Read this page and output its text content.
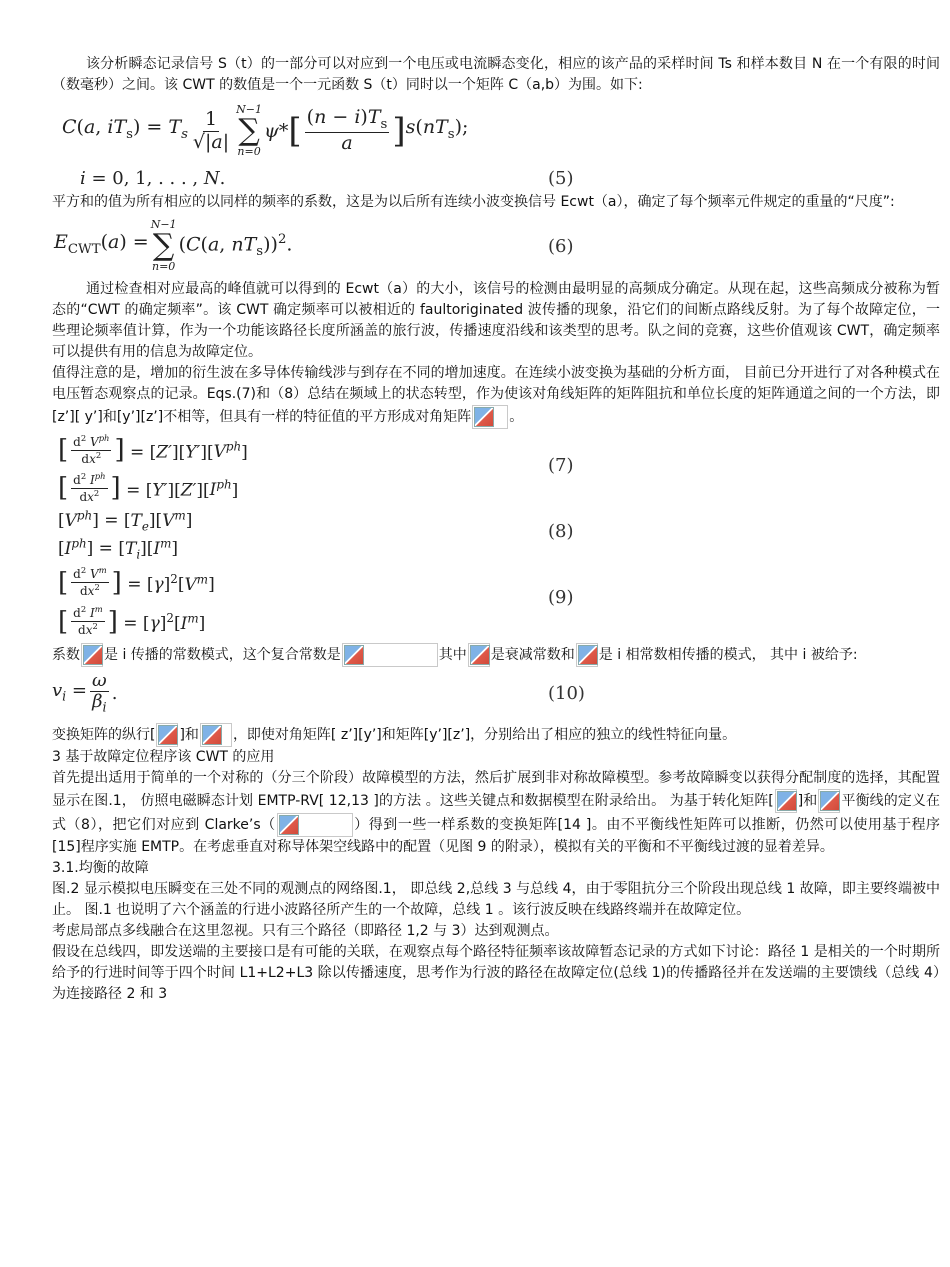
该分析瞬态记录信号 S（t）的一部分可以对应到一个电压或电流瞬态变化，相应的该产品的采样时间 Ts 和样本数目 N 在一个有限的时间（数毫秒）之间。该 CWT 的数值是一个一元函数 S（t）同时以一个矩阵 C（a,b）为围。如下:

C(a, $iT_s) = T_s \frac{1}{√|a|} N-1$
∑
n=0
ψ* [ $\frac{(n - i)T_s}{a}$ ] $s(nT_s)$;
i = 0, 1, . . . , N.	(5)

平方和的值为所有相应的以同样的频率的系数，这是为以后所有连续小波变换信号 Ecwt（a），确定了每个频率元件规定的重量的“尺度”:

$E_{CWT}(a)$ =
N−1
∑
n=0
(C(a, $nT_s))^2$.	(6)

通过检查相对应最高的峰值就可以得到的 Ecwt（a）的大小，该信号的检测由最明显的高频成分确定。从现在起，这些高频成分被称为暂态的“CWT 的确定频率”。该 CWT 确定频率可以被相近的 faultoriginated 波传播的现象，沿它们的间断点路线反射。为了每个故障定位，一些理论频率值计算，作为一个功能该路径长度所涵盖的旅行波，传播速度沿线和该类型的思考。队之间的竞赛，这些价值观该 CWT，确定频率可以提供有用的信息为故障定位。

值得注意的是，增加的衍生波在多导体传输线涉与到存在不同的增加速度。在连续小波变换为基础的分析方面， 目前已分开进行了对各种模式在电压暂态观察点的记录。Eqs.(7)和（8）总结在频域上的状态转型，作为使该对角线矩阵的矩阵阻抗和单位长度的矩阵通道之间的一个方法，即[z’][ y’]和[y’][z’]不相等，但具有一样的特征值的平方形成对角矩阵	。

[ $\frac{d^2 V^{ph}}{dx^2}$ ] = $[Z'][Y'][V^{ph}]$
[ $\frac{d^2 I^{ph}}{dx^2}$ ] = $[Y'][Z'][I^{ph}]$
(7)
$[V^{ph}] = [T_e][V^m]$
$[I^{ph}] = [T_i][I^m]$
(8)
[ $\frac{d^2 V^m}{dx^2}$ ] = $[\gamma]^2[V^m]$
[ $\frac{d^2 I^m}{dx^2}$ ] = $[\gamma]^2[I^m]$
(9)

系数 是 i 传播的常数模式，这个复合常数是	其中 是衰减常数和 是 i 相常数相传播的模式， 其中 i 被给予:

$v_i = \frac{\omega}{\beta_i}$ .	(10)

变换矩阵的纵行[ ]和 ，即使对角矩阵[ z’][y’]和矩阵[y’][z’]，分别给出了相应的独立的线性特征向量。

3 基于故障定位程序该 CWT 的应用

首先提出适用于简单的一个对称的（分三个阶段）故障模型的方法，然后扩展到非对称故障模型。参考故障瞬变以获得分配制度的选择，其配置显示在图.1， 仿照电磁瞬态计划 EMTP-RV[ 12,13 ]的方法 。这些关键点和数据模型在附录给出。 为基于转化矩阵[ ]和 平衡线的定义在式（8），把它们对应到 Clarke’s（	）得到一些一样系数的变换矩阵[14 ]。由不平衡线性矩阵可以推断，仍然可以使用基于程序[15]程序实施 EMTP。在考虑垂直对称导体架空线路中的配置（见图 9 的附录），模拟有关的平衡和不平衡线过渡的显着差异。

3.1.均衡的故障

图.2 显示模拟电压瞬变在三处不同的观测点的网络图.1， 即总线 2,总线 3 与总线 4，由于零阻抗分三个阶段出现总线 1 故障，即主要终端被中止。 图.1 也说明了六个涵盖的行进小波路径所产生的一个故障，总线 1 。该行波反映在线路终端并在故障定位。

考虑局部点多线融合在这里忽视。只有三个路径（即路径 1,2 与 3）达到观测点。

假设在总线四，即发送端的主要接口是有可能的关联，在观察点每个路径特征频率该故障暂态记录的方式如下讨论：路径 1 是相关的一个时期所给予的行进时间等于四个时间 L1+L2+L3 除以传播速度，思考作为行波的路径在故障定位(总线 1)的传播路径并在发送端的主要馈线（总线 4）为连接路径 2 和 3
